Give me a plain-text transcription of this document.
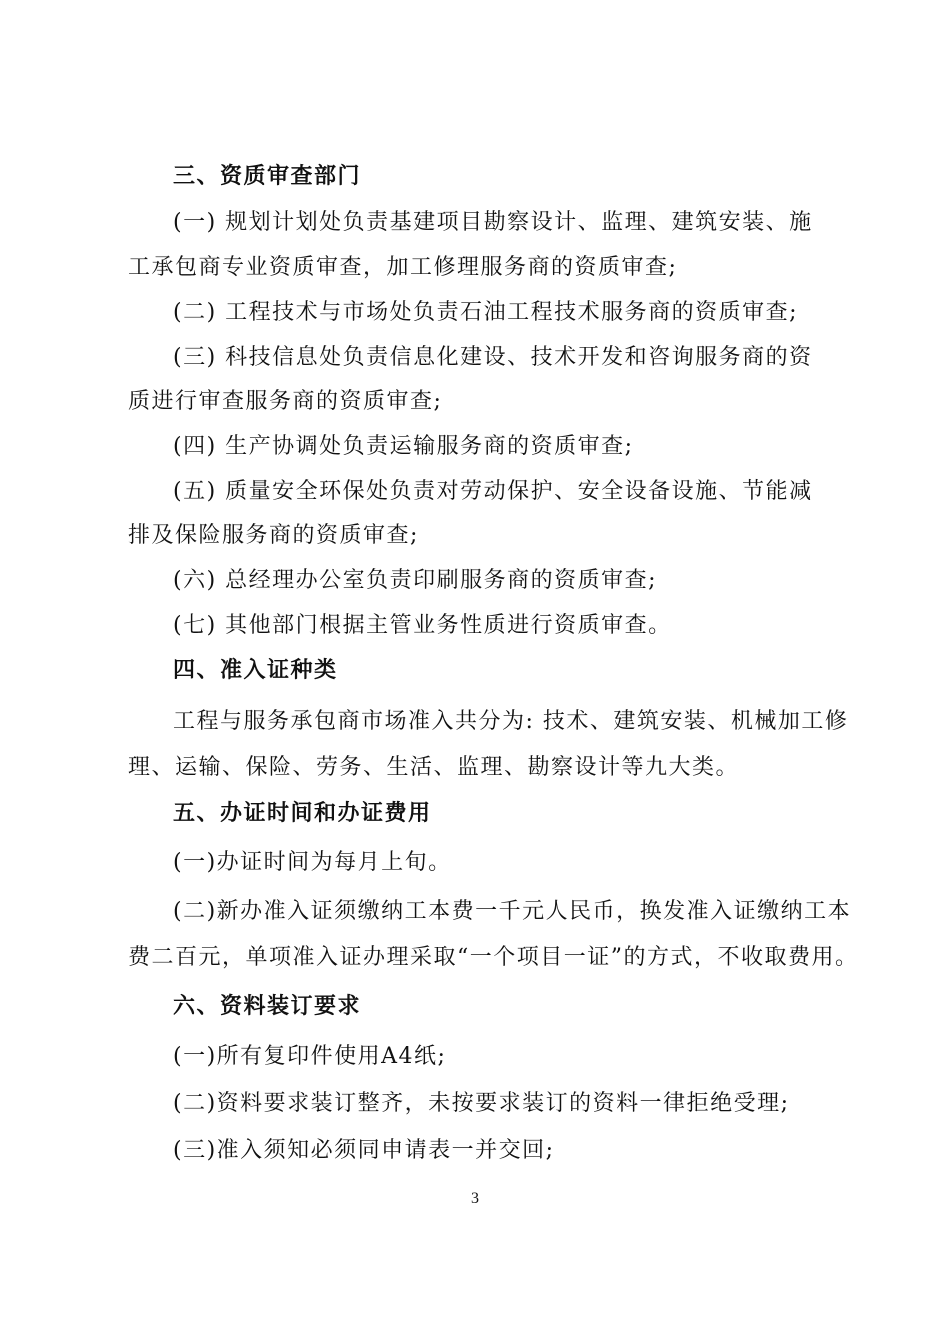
三、资质审查部门
(一) 规划计划处负责基建项目勘察设计、监理、建筑安装、施
工承包商专业资质审查，加工修理服务商的资质审查;
(二) 工程技术与市场处负责石油工程技术服务商的资质审查;
(三) 科技信息处负责信息化建设、技术开发和咨询服务商的资
质进行审查服务商的资质审查;
(四) 生产协调处负责运输服务商的资质审查;
(五) 质量安全环保处负责对劳动保护、安全设备设施、节能减
排及保险服务商的资质审查;
(六) 总经理办公室负责印刷服务商的资质审查;
(七) 其他部门根据主管业务性质进行资质审查。
四、准入证种类
工程与服务承包商市场准入共分为: 技术、建筑安装、机械加工修
理、运输、保险、劳务、生活、监理、勘察设计等九大类。
五、办证时间和办证费用
(一)办证时间为每月上旬。
(二)新办准入证须缴纳工本费一千元人民币，换发准入证缴纳工本
费二百元，单项准入证办理采取“一个项目一证”的方式，不收取费用。
六、资料装订要求
(一)所有复印件使用A4纸;
(二)资料要求装订整齐，未按要求装订的资料一律拒绝受理;
(三)准入须知必须同申请表一并交回;
3
